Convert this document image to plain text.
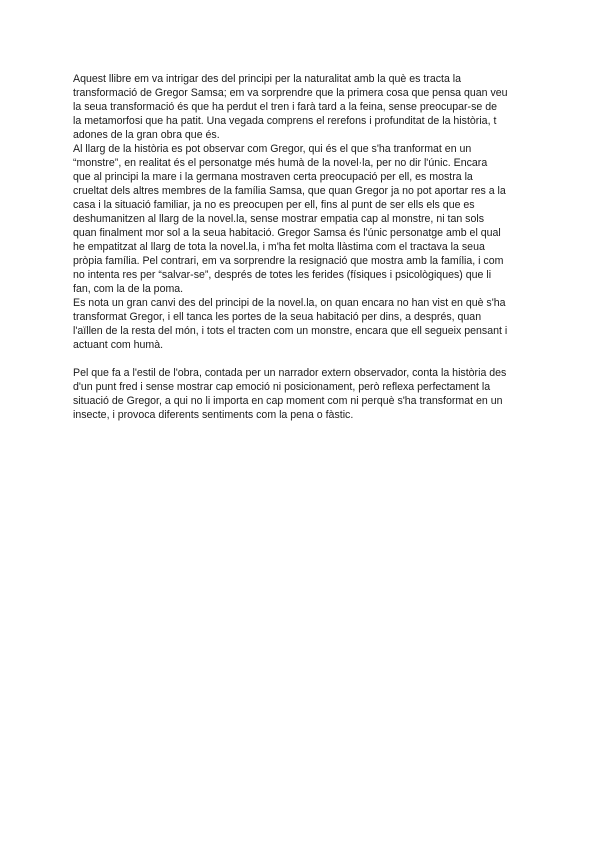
Aquest llibre em va intrigar des del principi per la naturalitat amb la què es tracta la

transformació de Gregor Samsa; em va sorprendre que la primera cosa que pensa quan veu

la seua transformació és que ha perdut el tren i farà tard a la feina, sense preocupar-se de

la metamorfosi que ha patit. Una vegada comprens el rerefons i profunditat de la història, t

adones de la gran obra que és.

Al llarg de la història es pot observar com Gregor, qui és el que s'ha tranformat en un

“monstre”, en realitat és el personatge més humà de la novel·la, per no dir l'únic. Encara

que al principi la mare i la germana mostraven certa preocupació per ell, es mostra la

crueltat dels altres membres de la família Samsa, que quan Gregor ja no pot aportar res a la

casa i la situació familiar, ja no es preocupen per ell, fins al punt de ser ells els que es

deshumanitzen al llarg de la novel.la, sense mostrar empatia cap al monstre, ni tan sols

quan finalment mor sol a la seua habitació. Gregor Samsa és l'únic personatge amb el qual

he empatitzat al llarg de tota la novel.la, i m'ha fet molta llàstima com el tractava la seua

pròpia família. Pel contrari, em va sorprendre la resignació que mostra amb la família, i com

no intenta res per “salvar-se”, després de totes les ferides (físiques i psicològiques) que li

fan, com la de la poma.

Es nota un gran canvi des del principi de la novel.la, on quan encara no han vist en què s'ha

transformat Gregor, i ell tanca les portes de la seua habitació per dins, a després, quan

l'aïllen de la resta del món, i tots el tracten com un monstre, encara que ell segueix pensant i

actuant com humà.

Pel que fa a l'estil de l'obra, contada per un narrador extern observador, conta la història des

d'un punt fred i sense mostrar cap emoció ni posicionament, però reflexa perfectament la

situació de Gregor, a qui no li importa en cap moment com ni perquè s'ha transformat en un

insecte, i provoca diferents sentiments com la pena o fàstic.
